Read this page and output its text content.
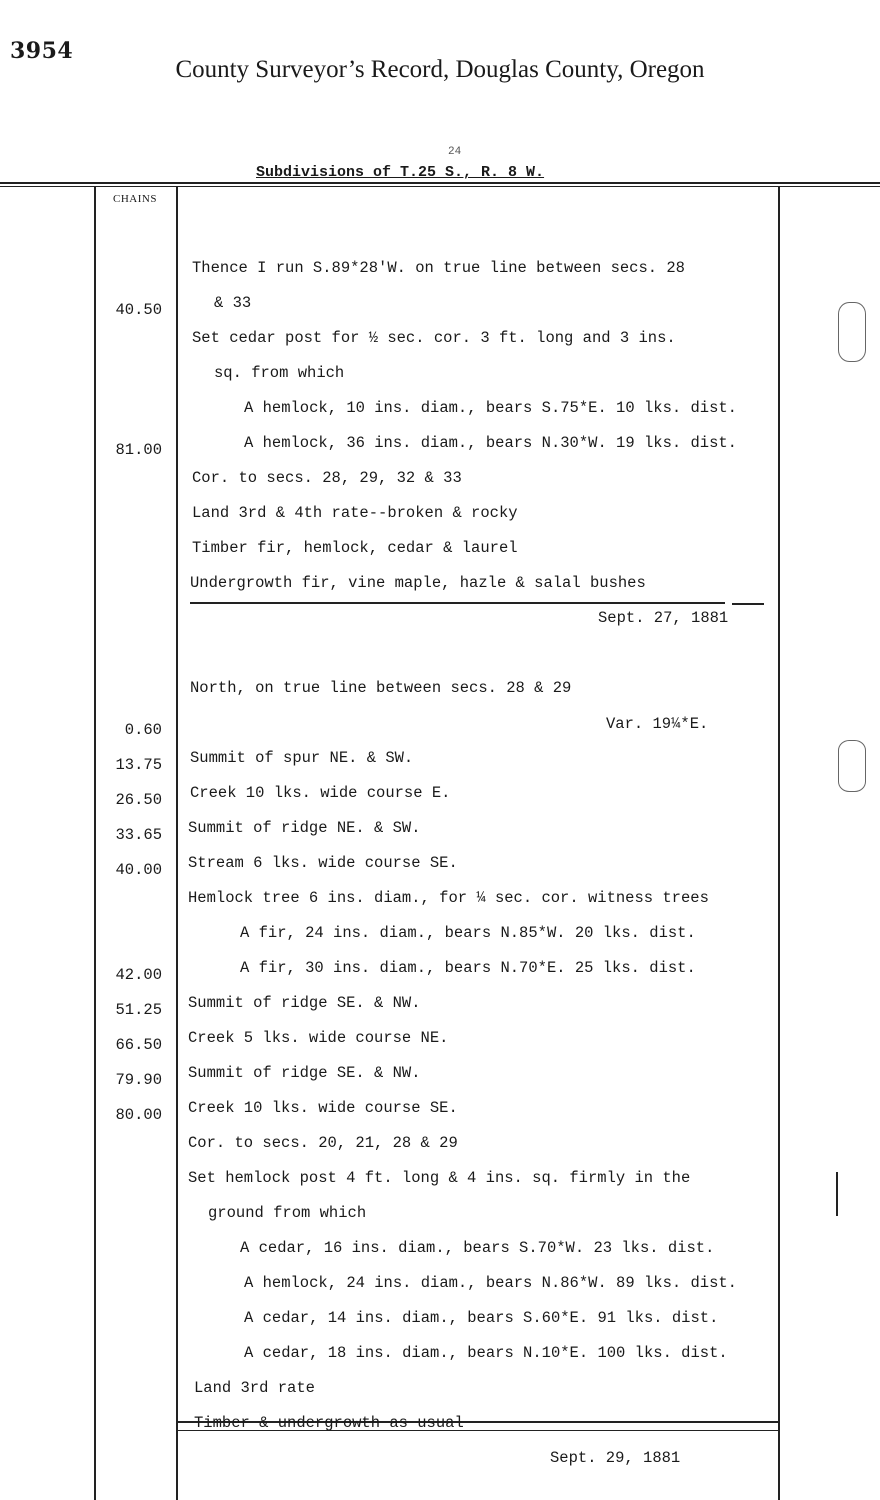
3954
County Surveyor’s Record, Douglas County, Oregon
24
Subdivisions of T.25 S., R. 8 W.
CHAINS

Thence I run S.89*28'W. on true line between secs. 28

& 33

40.50

Set cedar post for ½ sec. cor. 3 ft. long and 3 ins.

sq. from which

A hemlock, 10 ins. diam., bears S.75*E. 10 lks. dist.

A hemlock, 36 ins. diam., bears N.30*W. 19 lks. dist.

81.00

Cor. to secs. 28, 29, 32 & 33

Land 3rd & 4th rate--broken & rocky

Timber fir, hemlock, cedar & laurel

Undergrowth fir, vine maple, hazle & salal bushes

Sept. 27, 1881

North, on true line between secs. 28 & 29

Var. 19¼*E.

0.60

Summit of spur NE. & SW.

13.75

Creek 10 lks. wide course E.

26.50

Summit of ridge NE. & SW.

33.65

Stream 6 lks. wide course SE.

40.00

Hemlock tree 6 ins. diam., for ¼ sec. cor. witness trees

A fir, 24 ins. diam., bears N.85*W. 20 lks. dist.

A fir, 30 ins. diam., bears N.70*E. 25 lks. dist.

42.00

Summit of ridge SE. & NW.

51.25

Creek 5 lks. wide course NE.

66.50

Summit of ridge SE. & NW.

79.90

Creek 10 lks. wide course SE.

80.00

Cor. to secs. 20, 21, 28 & 29

Set hemlock post 4 ft. long & 4 ins. sq. firmly in the

ground from which

A cedar, 16 ins. diam., bears S.70*W. 23 lks. dist.

A hemlock, 24 ins. diam., bears N.86*W. 89 lks. dist.

A cedar, 14 ins. diam., bears S.60*E. 91 lks. dist.

A cedar, 18 ins. diam., bears N.10*E. 100 lks. dist.

Land 3rd rate

Timber & undergrowth as usual

Sept. 29, 1881
